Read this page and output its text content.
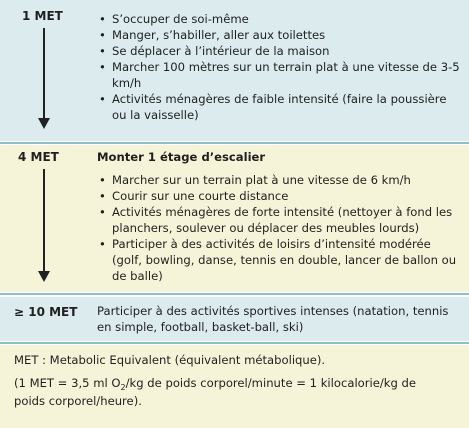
1 MET
•	S’occuper de soi-même
• Manger, s’habiller, aller aux toilettes
• Se déplacer à l’intérieur de la maison
• Marcher 100 mètres sur un terrain plat à une vitesse de 3-5 km/h
• Activités ménagères de faible intensité (faire la poussière ou la vaisselle)
4 MET	Monter 1 étage d’escalier
• Marcher sur un terrain plat à une vitesse de 6 km/h
• Courir sur une courte distance
• Activités ménagères de forte intensité (nettoyer à fond les planchers, soulever ou déplacer des meubles lourds)
• Participer à des activités de loisirs d’intensité modérée (golf, bowling, danse, tennis en double, lancer de ballon ou de balle)
≥ 10 MET Participer à des activités sportives intenses (natation, tennis en simple, football, basket-ball, ski)
MET : Metabolic Equivalent (équivalent métabolique).
(1 MET = 3,5 ml $O_2/kg$ de poids corporel/minute = 1 kilocalorie/kg de poids corporel/heure).
